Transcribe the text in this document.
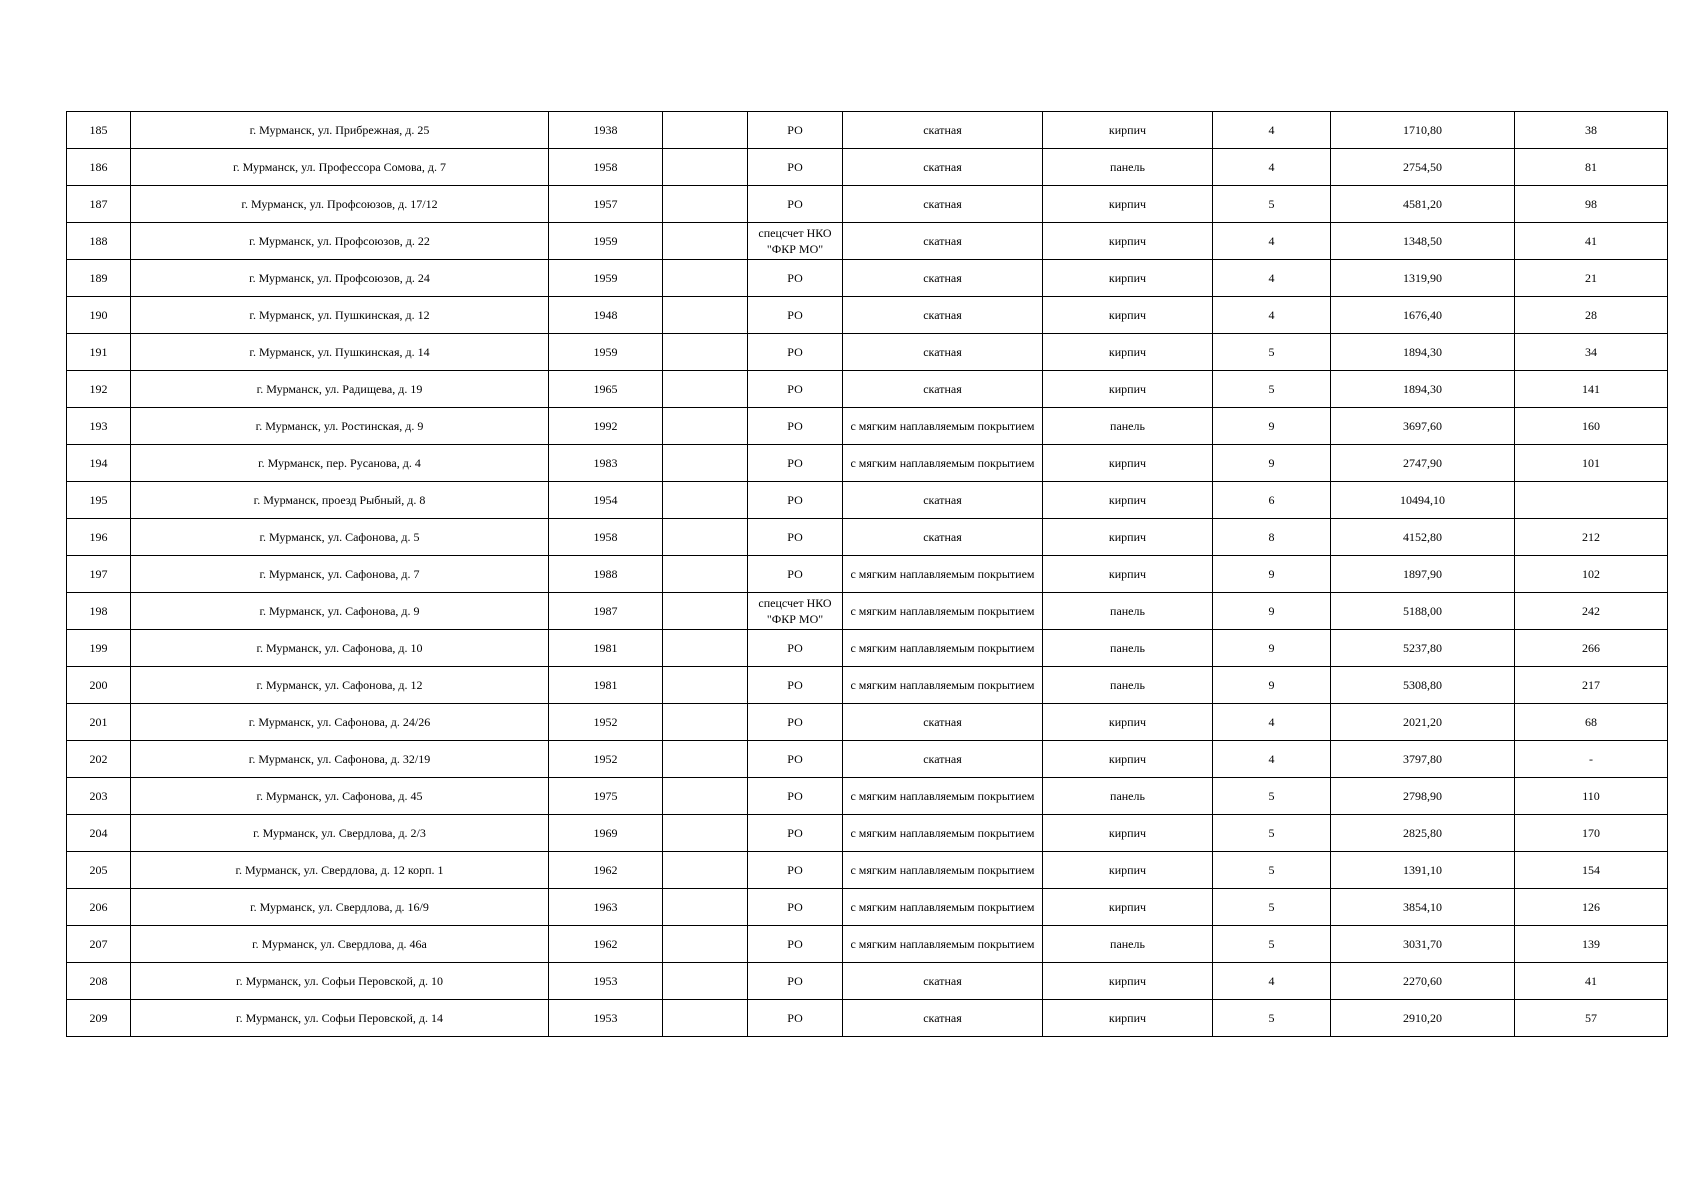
185	г. Мурманск, ул. Прибрежная, д. 25	1938		РО	скатная	кирпич	4	1710,80	38
186	г. Мурманск, ул. Профессора Сомова, д. 7	1958		РО	скатная	панель	4	2754,50	81
187	г. Мурманск, ул. Профсоюзов, д. 17/12	1957		РО	скатная	кирпич	5	4581,20	98
188	г. Мурманск, ул. Профсоюзов, д. 22	1959		спецсчет НКО "ФКР МО"	скатная	кирпич	4	1348,50	41
189	г. Мурманск, ул. Профсоюзов, д. 24	1959		РО	скатная	кирпич	4	1319,90	21
190	г. Мурманск, ул. Пушкинская, д. 12	1948		РО	скатная	кирпич	4	1676,40	28
191	г. Мурманск, ул. Пушкинская, д. 14	1959		РО	скатная	кирпич	5	1894,30	34
192	г. Мурманск, ул. Радищева, д. 19	1965		РО	скатная	кирпич	5	1894,30	141
193	г. Мурманск, ул. Ростинская, д. 9	1992		РО	с мягким наплавляемым покрытием	панель	9	3697,60	160
194	г. Мурманск, пер. Русанова, д. 4	1983		РО	с мягким наплавляемым покрытием	кирпич	9	2747,90	101
195	г. Мурманск, проезд Рыбный, д. 8	1954		РО	скатная	кирпич	6	10494,10	
196	г. Мурманск, ул. Сафонова, д. 5	1958		РО	скатная	кирпич	8	4152,80	212
197	г. Мурманск, ул. Сафонова, д. 7	1988		РО	с мягким наплавляемым покрытием	кирпич	9	1897,90	102
198	г. Мурманск, ул. Сафонова, д. 9	1987		спецсчет НКО "ФКР МО"	с мягким наплавляемым покрытием	панель	9	5188,00	242
199	г. Мурманск, ул. Сафонова, д. 10	1981		РО	с мягким наплавляемым покрытием	панель	9	5237,80	266
200	г. Мурманск, ул. Сафонова, д. 12	1981		РО	с мягким наплавляемым покрытием	панель	9	5308,80	217
201	г. Мурманск, ул. Сафонова, д. 24/26	1952		РО	скатная	кирпич	4	2021,20	68
202	г. Мурманск, ул. Сафонова, д. 32/19	1952		РО	скатная	кирпич	4	3797,80	-
203	г. Мурманск, ул. Сафонова, д. 45	1975		РО	с мягким наплавляемым покрытием	панель	5	2798,90	110
204	г. Мурманск, ул. Свердлова, д. 2/3	1969		РО	с мягким наплавляемым покрытием	кирпич	5	2825,80	170
205	г. Мурманск, ул. Свердлова, д. 12 корп. 1	1962		РО	с мягким наплавляемым покрытием	кирпич	5	1391,10	154
206	г. Мурманск, ул. Свердлова, д. 16/9	1963		РО	с мягким наплавляемым покрытием	кирпич	5	3854,10	126
207	г. Мурманск, ул. Свердлова, д. 46а	1962		РО	с мягким наплавляемым покрытием	панель	5	3031,70	139
208	г. Мурманск, ул. Софьи Перовской, д. 10	1953		РО	скатная	кирпич	4	2270,60	41
209	г. Мурманск, ул. Софьи Перовской, д. 14	1953		РО	скатная	кирпич	5	2910,20	57
